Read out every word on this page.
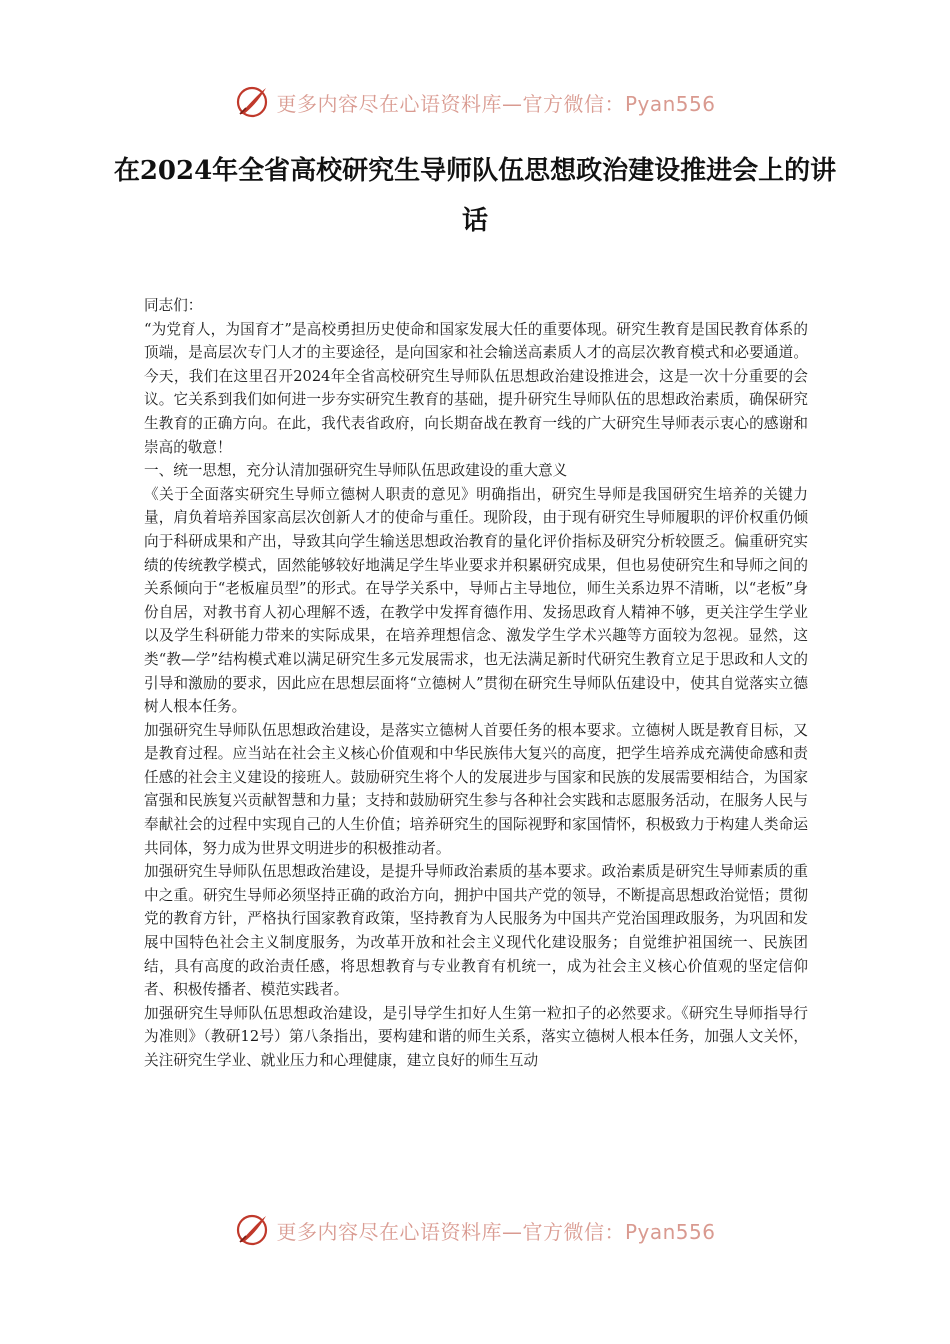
更多内容尽在心语资料库—官方微信：Pyan556
在2024年全省高校研究生导师队伍思想政治建设推进会上的讲话

同志们：

“为党育人，为国育才”是高校勇担历史使命和国家发展大任的重要体现。研究生教育是国民教育体系的顶端，是高层次专门人才的主要途径，是向国家和社会输送高素质人才的高层次教育模式和必要通道。今天，我们在这里召开2024年全省高校研究生导师队伍思想政治建设推进会，这是一次十分重要的会议。它关系到我们如何进一步夯实研究生教育的基础，提升研究生导师队伍的思想政治素质，确保研究生教育的正确方向。在此，我代表省政府，向长期奋战在教育一线的广大研究生导师表示衷心的感谢和崇高的敬意！

一、统一思想，充分认清加强研究生导师队伍思政建设的重大意义

《关于全面落实研究生导师立德树人职责的意见》明确指出，研究生导师是我国研究生培养的关键力量，肩负着培养国家高层次创新人才的使命与重任。现阶段，由于现有研究生导师履职的评价权重仍倾向于科研成果和产出，导致其向学生输送思想政治教育的量化评价指标及研究分析较匮乏。偏重研究实绩的传统教学模式，固然能够较好地满足学生毕业要求并积累研究成果，但也易使研究生和导师之间的关系倾向于“老板雇员型”的形式。在导学关系中，导师占主导地位，师生关系边界不清晰，以“老板”身份自居，对教书育人初心理解不透，在教学中发挥育德作用、发扬思政育人精神不够，更关注学生学业以及学生科研能力带来的实际成果，在培养理想信念、激发学生学术兴趣等方面较为忽视。显然，这类“教—学”结构模式难以满足研究生多元发展需求，也无法满足新时代研究生教育立足于思政和人文的引导和激励的要求，因此应在思想层面将“立德树人”贯彻在研究生导师队伍建设中，使其自觉落实立德树人根本任务。

加强研究生导师队伍思想政治建设，是落实立德树人首要任务的根本要求。立德树人既是教育目标，又是教育过程。应当站在社会主义核心价值观和中华民族伟大复兴的高度，把学生培养成充满使命感和责任感的社会主义建设的接班人。鼓励研究生将个人的发展进步与国家和民族的发展需要相结合，为国家富强和民族复兴贡献智慧和力量；支持和鼓励研究生参与各种社会实践和志愿服务活动，在服务人民与奉献社会的过程中实现自己的人生价值；培养研究生的国际视野和家国情怀，积极致力于构建人类命运共同体，努力成为世界文明进步的积极推动者。

加强研究生导师队伍思想政治建设，是提升导师政治素质的基本要求。政治素质是研究生导师素质的重中之重。研究生导师必须坚持正确的政治方向，拥护中国共产党的领导，不断提高思想政治觉悟；贯彻党的教育方针，严格执行国家教育政策，坚持教育为人民服务为中国共产党治国理政服务，为巩固和发展中国特色社会主义制度服务，为改革开放和社会主义现代化建设服务；自觉维护祖国统一、民族团结，具有高度的政治责任感，将思想教育与专业教育有机统一，成为社会主义核心价值观的坚定信仰者、积极传播者、模范实践者。

加强研究生导师队伍思想政治建设，是引导学生扣好人生第一粒扣子的必然要求。《研究生导师指导行为准则》（教研12号）第八条指出，要构建和谐的师生关系，落实立德树人根本任务，加强人文关怀，关注研究生学业、就业压力和心理健康，建立良好的师生互动

更多内容尽在心语资料库—官方微信：Pyan556
